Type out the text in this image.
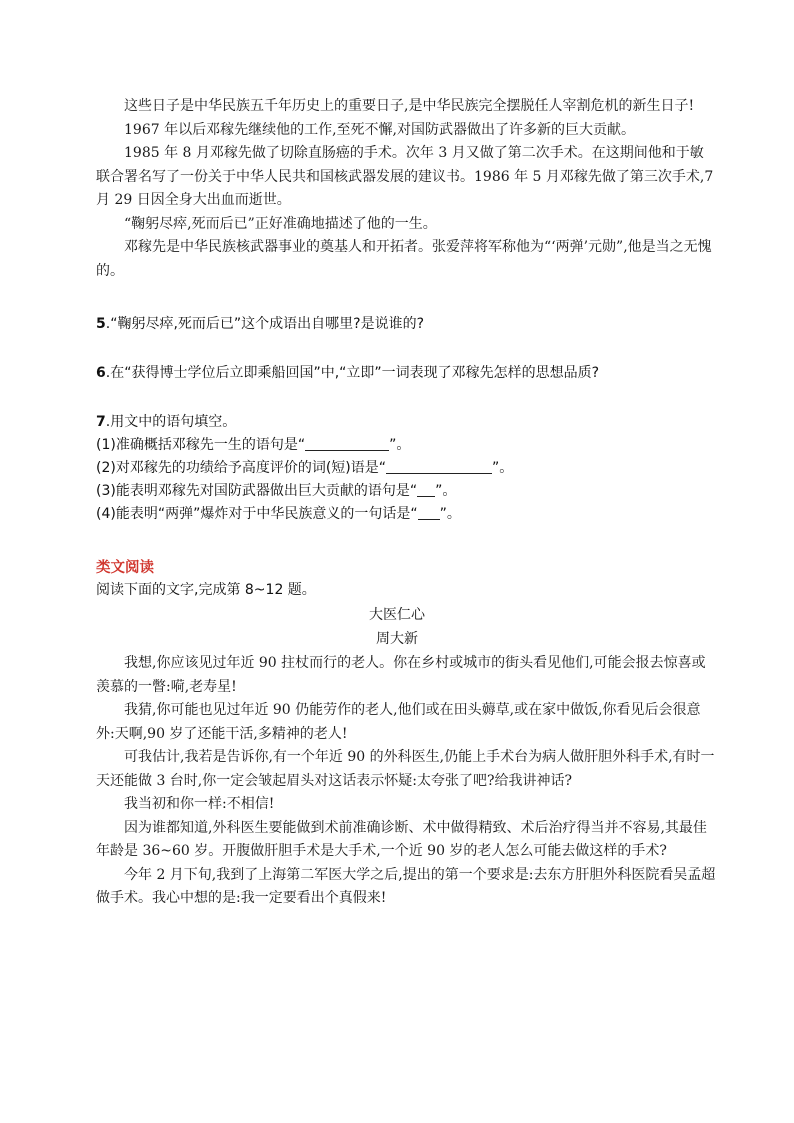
这些日子是中华民族五千年历史上的重要日子,是中华民族完全摆脱任人宰割危机的新生日子!

1967 年以后邓稼先继续他的工作,至死不懈,对国防武器做出了许多新的巨大贡献。

1985 年 8 月邓稼先做了切除直肠癌的手术。次年 3 月又做了第二次手术。在这期间他和于敏联合署名写了一份关于中华人民共和国核武器发展的建议书。1986 年 5 月邓稼先做了第三次手术,7 月 29 日因全身大出血而逝世。

“鞠躬尽瘁,死而后已”正好准确地描述了他的一生。

邓稼先是中华民族核武器事业的奠基人和开拓者。张爱萍将军称他为“‘两弹’元勋”,他是当之无愧的。

5.“鞠躬尽瘁,死而后已”这个成语出自哪里?是说谁的?
6.在“获得博士学位后立即乘船回国”中,“立即”一词表现了邓稼先怎样的思想品质?
7.用文中的语句填空。
(1)准确概括邓稼先一生的语句是“	”。
(2)对邓稼先的功绩给予高度评价的词(短)语是“	”。
(3)能表明邓稼先对国防武器做出巨大贡献的语句是“ ”。
(4)能表明“两弹”爆炸对于中华民族意义的一句话是“ ”。
类文阅读
阅读下面的文字,完成第 8~12 题。
大医仁心
周大新

我想,你应该见过年近 90 拄杖而行的老人。你在乡村或城市的街头看见他们,可能会报去惊喜或羡慕的一瞥:嗬,老寿星!

我猜,你可能也见过年近 90 仍能劳作的老人,他们或在田头薅草,或在家中做饭,你看见后会很意外:天啊,90 岁了还能干活,多精神的老人!

可我估计,我若是告诉你,有一个年近 90 的外科医生,仍能上手术台为病人做肝胆外科手术,有时一天还能做 3 台时,你一定会皱起眉头对这话表示怀疑:太夸张了吧?给我讲神话?

我当初和你一样:不相信!

因为谁都知道,外科医生要能做到术前准确诊断、术中做得精致、术后治疗得当并不容易,其最佳年龄是 36~60 岁。开腹做肝胆手术是大手术,一个近 90 岁的老人怎么可能去做这样的手术?

今年 2 月下旬,我到了上海第二军医大学之后,提出的第一个要求是:去东方肝胆外科医院看吴孟超做手术。我心中想的是:我一定要看出个真假来!
